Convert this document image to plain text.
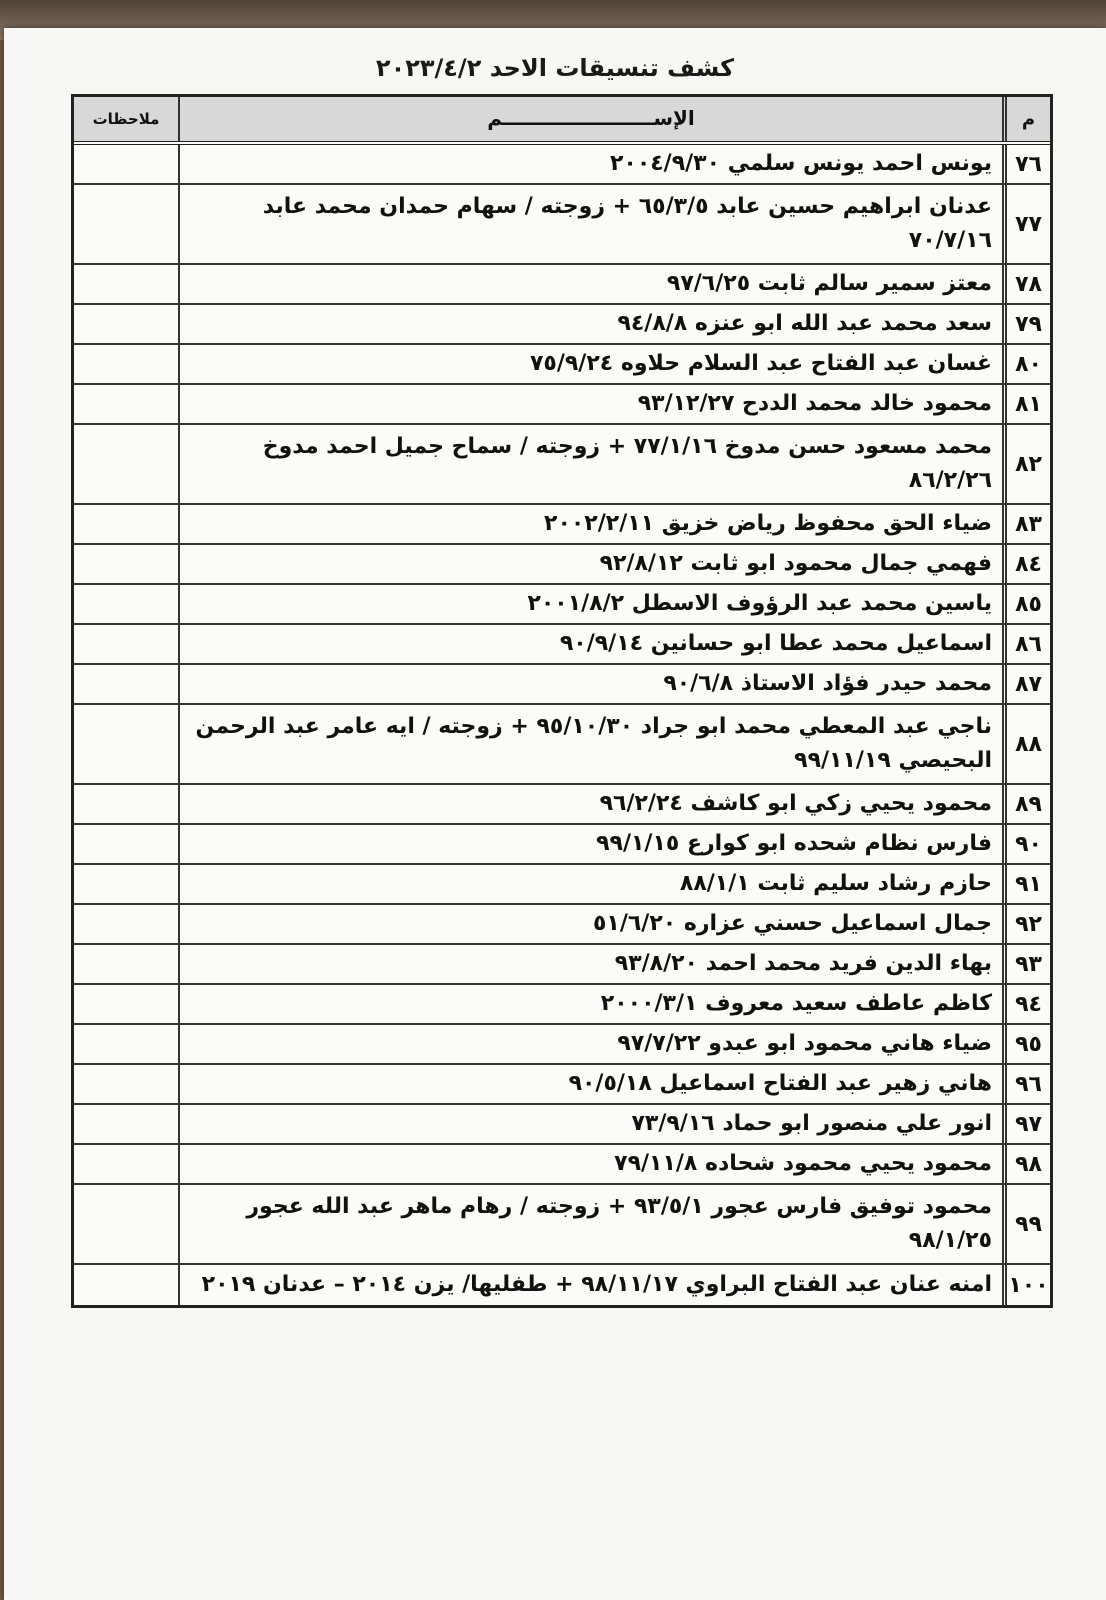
كشف تنسيقات الاحد ٢٠٢٣/٤/٢
م
الإســــــــــــــــــــــم
ملاحظات
٧٦
يونس احمد يونس سلمي ٢٠٠٤/٩/٣٠
٧٧
عدنان ابراهيم حسين عابد ٦٥/٣/٥ + زوجته / سهام حمدان محمد عابد ٧٠/٧/١٦
٧٨
معتز سمير سالم ثابت ٩٧/٦/٢٥
٧٩
سعد محمد عبد الله ابو عنزه ٩٤/٨/٨
٨٠
غسان عبد الفتاح عبد السلام حلاوه ٧٥/٩/٢٤
٨١
محمود خالد محمد الددح ٩٣/١٢/٢٧
٨٢
محمد مسعود حسن مدوخ ٧٧/١/١٦ + زوجته / سماح جميل احمد مدوخ ٨٦/٢/٢٦
٨٣
ضياء الحق محفوظ رياض خزيق ٢٠٠٢/٢/١١
٨٤
فهمي جمال محمود ابو ثابت ٩٢/٨/١٢
٨٥
ياسين محمد عبد الرؤوف الاسطل ٢٠٠١/٨/٢
٨٦
اسماعيل محمد عطا ابو حسانين ٩٠/٩/١٤
٨٧
محمد حيدر فؤاد الاستاذ ٩٠/٦/٨
٨٨
ناجي عبد المعطي محمد ابو جراد ٩٥/١٠/٣٠ + زوجته / ايه عامر عبد الرحمن البحيصي ٩٩/١١/١٩
٨٩
محمود يحيي زكي ابو كاشف ٩٦/٢/٢٤
٩٠
فارس نظام شحده ابو كوارع ٩٩/١/١٥
٩١
حازم رشاد سليم ثابت ٨٨/١/١
٩٢
جمال اسماعيل حسني عزاره ٥١/٦/٢٠
٩٣
بهاء الدين فريد محمد احمد ٩٣/٨/٢٠
٩٤
كاظم عاطف سعيد معروف ٢٠٠٠/٣/١
٩٥
ضياء هاني محمود ابو عبدو ٩٧/٧/٢٢
٩٦
هاني زهير عبد الفتاح اسماعيل ٩٠/٥/١٨
٩٧
انور علي منصور ابو حماد ٧٣/٩/١٦
٩٨
محمود يحيي محمود شحاده ٧٩/١١/٨
٩٩
محمود توفيق فارس عجور ٩٣/٥/١ + زوجته / رهام ماهر عبد الله عجور ٩٨/١/٢٥
١٠٠
امنه عنان عبد الفتاح البراوي ٩٨/١١/١٧ + طفليها/ يزن ٢٠١٤ – عدنان ٢٠١٩
